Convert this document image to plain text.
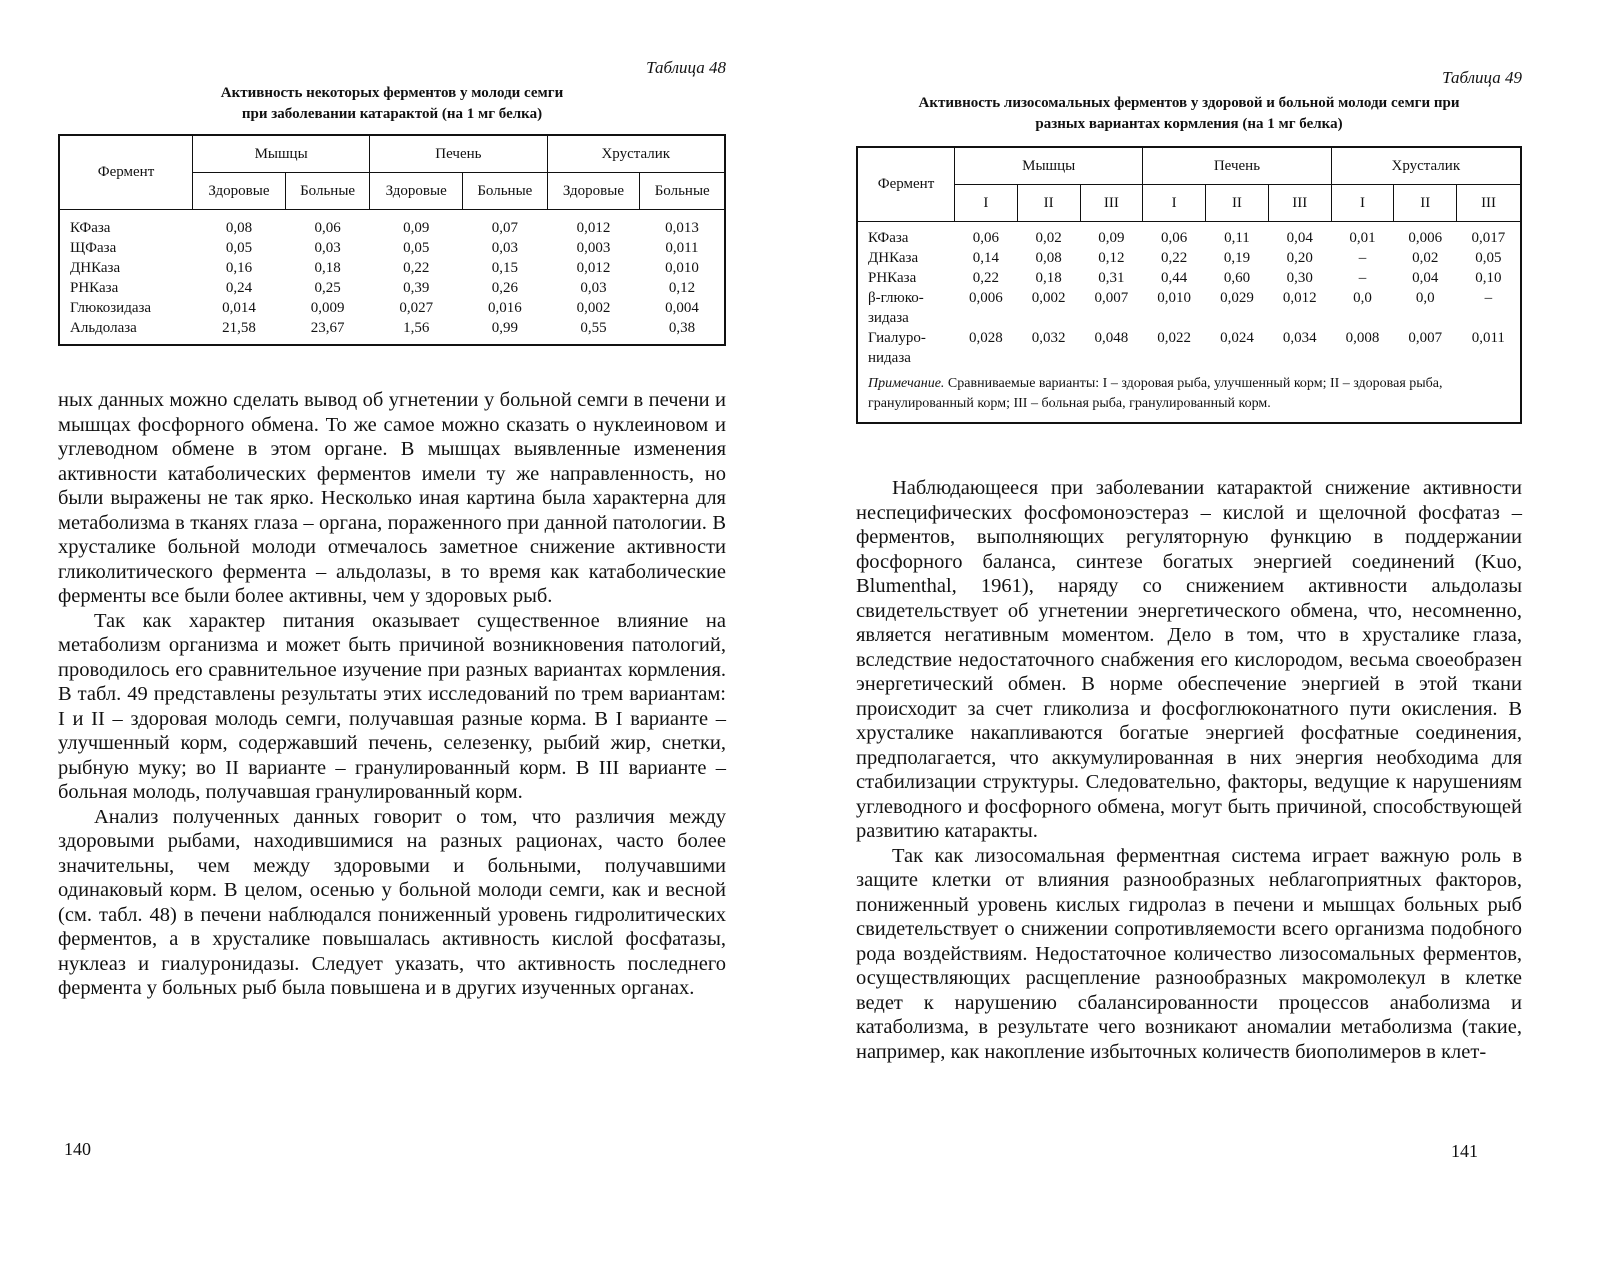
Таблица 48
Активность некоторых ферментов у молоди семги
при заболевании катарактой (на 1 мг белка)
Фермент	Мышцы		Печень		Хрусталик	
	Здоровые	Больные	Здоровые	Больные	Здоровые	Больные

КФаза	0,08	0,06	0,09	0,07	0,012	0,013
ЩФаза	0,05	0,03	0,05	0,03	0,003	0,011
ДНКаза	0,16	0,18	0,22	0,15	0,012	0,010
РНКаза	0,24	0,25	0,39	0,26	0,03	0,12
Глюкозидаза	0,014	0,009	0,027	0,016	0,002	0,004
Альдолаза	21,58	23,67	1,56	0,99	0,55	0,38

ных данных можно сделать вывод об угнетении у больной семги в печени и мышцах фосфорного обмена. То же самое можно сказать о нуклеиновом и углеводном обмене в этом органе. В мышцах выявленные изменения активности катаболических ферментов имели ту же направленность, но были выражены не так ярко. Несколько иная картина была характерна для метаболизма в тканях глаза – органа, пораженного при данной патологии. В хрусталике больной молоди отмечалось заметное снижение активности гликолитического фермента – альдолазы, в то время как катаболические ферменты все были более активны, чем у здоровых рыб.

Так как характер питания оказывает существенное влияние на метаболизм организма и может быть причиной возникновения патологий, проводилось его сравнительное изучение при разных вариантах кормления. В табл. 49 представлены результаты этих исследований по трем вариантам: I и II – здоровая молодь семги, получавшая разные корма. В I варианте – улучшенный корм, содержавший печень, селезенку, рыбий жир, снетки, рыбную муку; во II варианте – гранулированный корм. В III варианте – больная молодь, получавшая гранулированный корм.

Анализ полученных данных говорит о том, что различия между здоровыми рыбами, находившимися на разных рационах, часто более значительны, чем между здоровыми и больными, получавшими одинаковый корм. В целом, осенью у больной молоди семги, как и весной (см. табл. 48) в печени наблюдался пониженный уровень гидролитических ферментов, а в хрусталике повышалась активность кислой фосфатазы, нуклеаз и гиалуронидазы. Следует указать, что активность последнего фермента у больных рыб была повышена и в других изученных органах.

140
Таблица 49
Активность лизосомальных ферментов у здоровой и больной молоди семги при
разных вариантах кормления (на 1 мг белка)
Фермент	Мышцы			Печень			Хрусталик		
	I	II	III	I	II	III	I	II	III

КФаза	0,06	0,02	0,09	0,06	0,11	0,04	0,01	0,006	0,017

ДНКаза	0,14	0,08	0,12	0,22	0,19	0,20	–	0,02	0,05

РНКаза	0,22	0,18	0,31	0,44	0,60	0,30	–	0,04	0,10

β-глюко-
зидаза	0,006	0,002	0,007	0,010	0,029	0,012	0,0	0,0	–

Гиалуро-
нидаза	0,028	0,032	0,048	0,022	0,024	0,034	0,008	0,007	0,011
Примечание. Сравниваемые варианты: I – здоровая рыба, улучшенный корм; II – здоровая рыба, гранулированный корм; III – больная рыба, гранулированный корм.									

Наблюдающееся при заболевании катарактой снижение активности неспецифических фосфомоноэстераз – кислой и щелочной фосфатаз – ферментов, выполняющих регуляторную функцию в поддержании фосфорного баланса, синтезе богатых энергией соединений (Kuo, Blumenthal, 1961), наряду со снижением активности альдолазы свидетельствует об угнетении энергетического обмена, что, несомненно, является негативным моментом. Дело в том, что в хрусталике глаза, вследствие недостаточного снабжения его кислородом, весьма своеобразен энергетический обмен. В норме обеспечение энергией в этой ткани происходит за счет гликолиза и фосфоглюконатного пути окисления. В хрусталике накапливаются богатые энергией фосфатные соединения, предполагается, что аккумулированная в них энергия необходима для стабилизации структуры. Следовательно, факторы, ведущие к нарушениям углеводного и фосфорного обмена, могут быть причиной, способствующей развитию катаракты.

Так как лизосомальная ферментная система играет важную роль в защите клетки от влияния разнообразных неблагоприятных факторов, пониженный уровень кислых гидролаз в печени и мышцах больных рыб свидетельствует о снижении сопротивляемости всего организма подобного рода воздействиям. Недостаточное количество лизосомальных ферментов, осуществляющих расщепление разнообразных макромолекул в клетке ведет к нарушению сбалансированности процессов анаболизма и катаболизма, в результате чего возникают аномалии метаболизма (такие, например, как накопление избыточных количеств биополимеров в клет-

141
